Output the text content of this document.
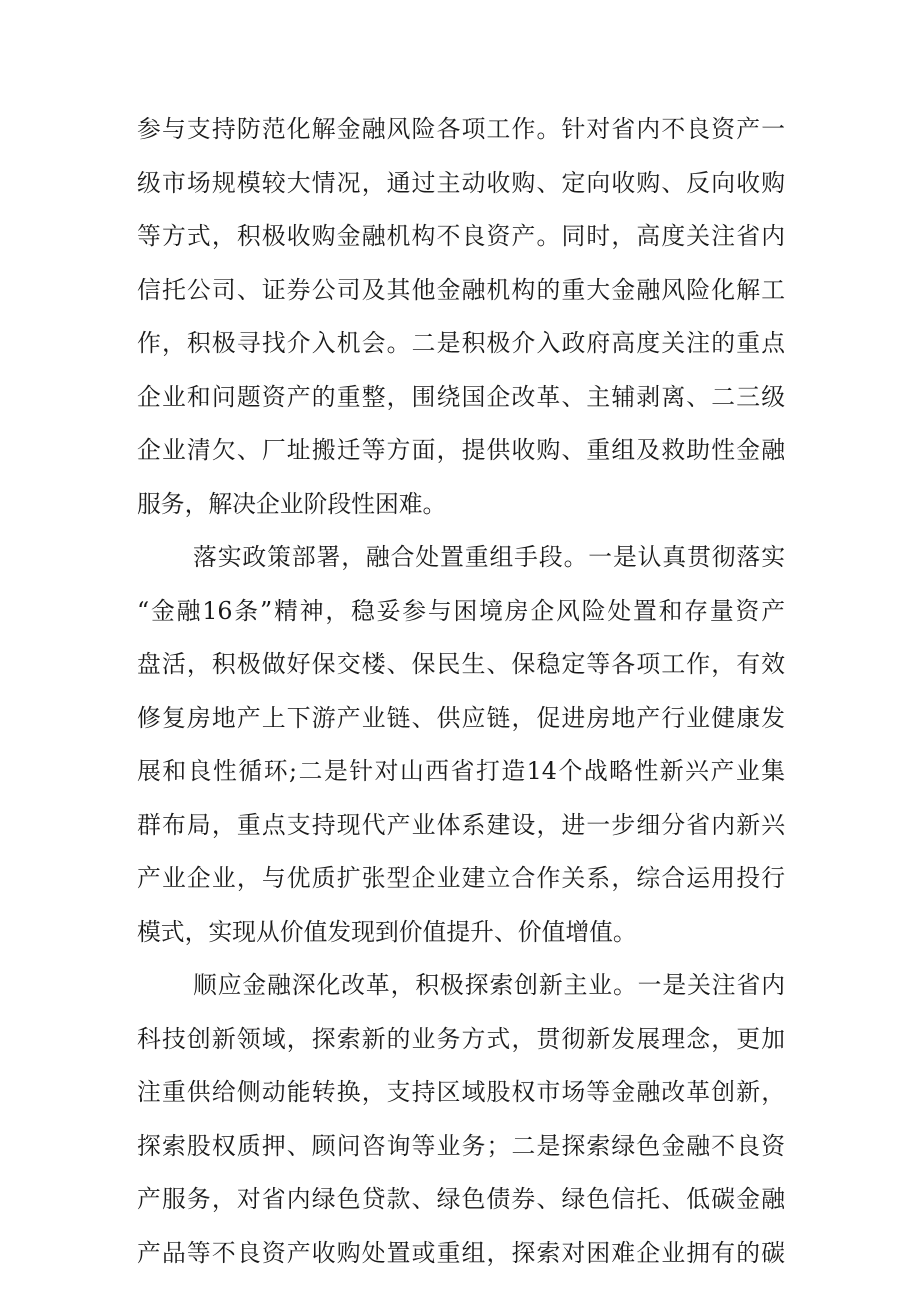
参与支持防范化解金融风险各项工作。针对省内不良资产一
级市场规模较大情况，通过主动收购、定向收购、反向收购
等方式，积极收购金融机构不良资产。同时，高度关注省内
信托公司、证券公司及其他金融机构的重大金融风险化解工
作，积极寻找介入机会。二是积极介入政府高度关注的重点
企业和问题资产的重整，围绕国企改革、主辅剥离、二三级
企业清欠、厂址搬迁等方面，提供收购、重组及救助性金融
服务，解决企业阶段性困难。
落实政策部署，融合处置重组手段。一是认真贯彻落实
“金融16条”精神，稳妥参与困境房企风险处置和存量资产
盘活，积极做好保交楼、保民生、保稳定等各项工作，有效
修复房地产上下游产业链、供应链，促进房地产行业健康发
展和良性循环;二是针对山西省打造14个战略性新兴产业集
群布局，重点支持现代产业体系建设，进一步细分省内新兴
产业企业，与优质扩张型企业建立合作关系，综合运用投行
模式，实现从价值发现到价值提升、价值增值。
顺应金融深化改革，积极探索创新主业。一是关注省内
科技创新领域，探索新的业务方式，贯彻新发展理念，更加
注重供给侧动能转换，支持区域股权市场等金融改革创新，
探索股权质押、顾问咨询等业务；二是探索绿色金融不良资
产服务，对省内绿色贷款、绿色债券、绿色信托、低碳金融
产品等不良资产收购处置或重组，探索对困难企业拥有的碳
